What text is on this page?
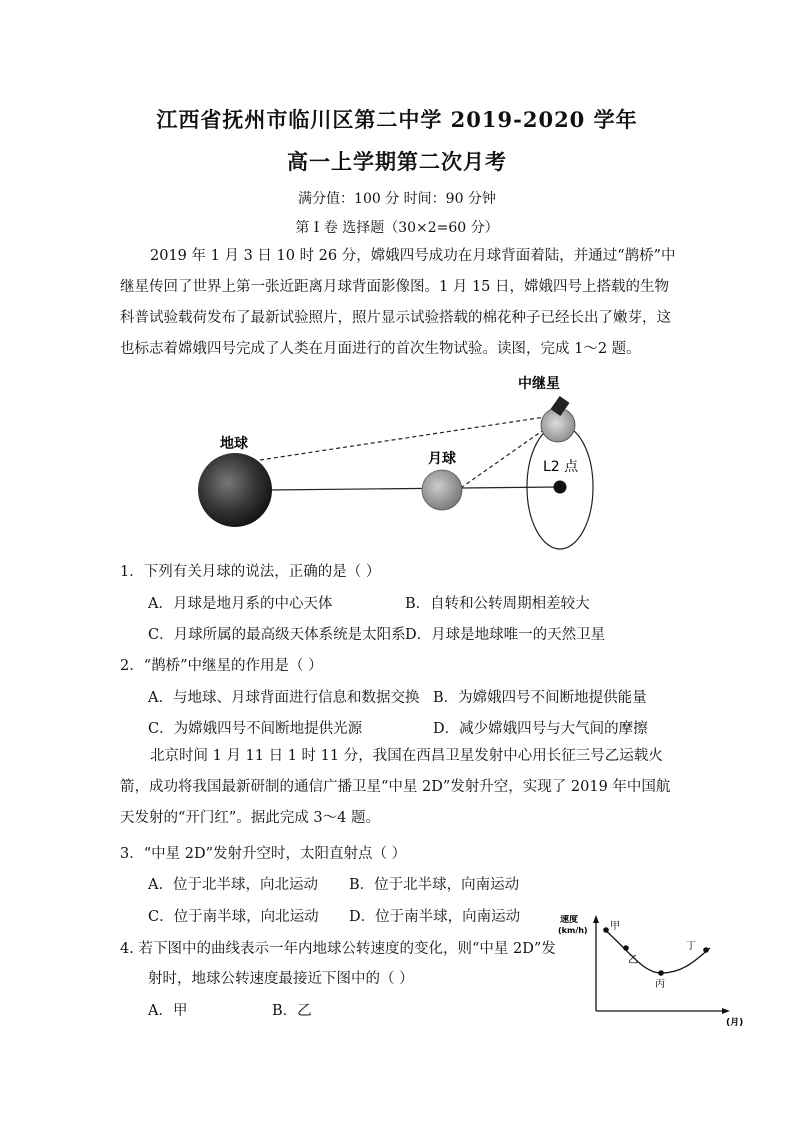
江西省抚州市临川区第二中学 2019-2020 学年
高一上学期第二次月考
满分值：100 分 时间：90 分钟
第 I 卷 选择题（30×2=60 分）
2019 年 1 月 3 日 10 时 26 分，嫦娥四号成功在月球背面着陆，并通过“鹊桥”中继星传回了世界上第一张近距离月球背面影像图。1 月 15 日，嫦娥四号上搭载的生物科普试验载荷发布了最新试验照片，照片显示试验搭载的棉花种子已经长出了嫩芽，这也标志着嫦娥四号完成了人类在月面进行的首次生物试验。读图，完成 1～2 题。
地球
月球
中继星
L2 点
1．下列有关月球的说法，正确的是（ ）
A．月球是地月系的中心天体	B．自转和公转周期相差较大
C．月球所属的最高级天体系统是太阳系 D．月球是地球唯一的天然卫星
2．“鹊桥”中继星的作用是（ ）
A．与地球、月球背面进行信息和数据交换 B．为嫦娥四号不间断地提供能量
C．为嫦娥四号不间断地提供光源	D．减少嫦娥四号与大气间的摩擦
北京时间 1 月 11 日 1 时 11 分，我国在西昌卫星发射中心用长征三号乙运载火箭，成功将我国最新研制的通信广播卫星“中星 2D”发射升空，实现了 2019 年中国航天发射的“开门红”。据此完成 3～4 题。
3．“中星 2D”发射升空时，太阳直射点（ ）
A．位于北半球，向北运动 B．位于北半球，向南运动
C．位于南半球，向北运动 D．位于南半球，向南运动
4. 若下图中的曲线表示一年内地球公转速度的变化，则“中星 2D”发
射时，地球公转速度最接近下图中的（ ）
A．甲	B．乙
速度
(km/h)
(月)
甲
乙
丙
丁
